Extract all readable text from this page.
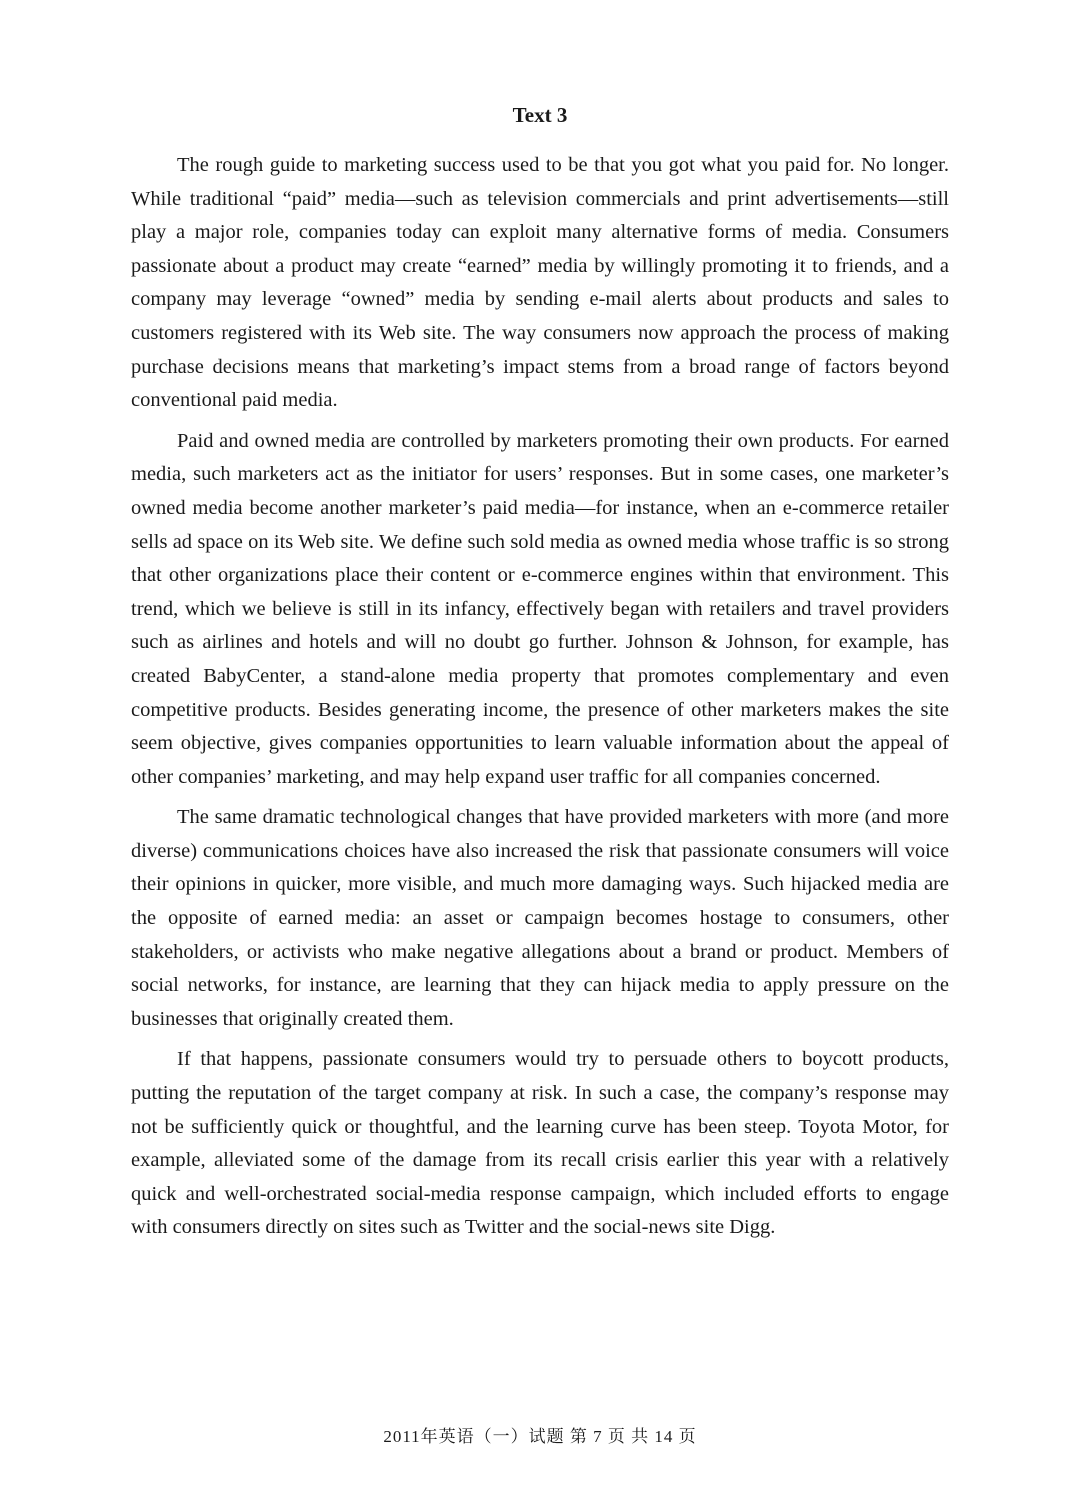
Text 3

The rough guide to marketing success used to be that you got what you paid for. No longer. While traditional “paid” media—such as television commercials and print advertisements—still play a major role, companies today can exploit many alternative forms of media. Consumers passionate about a product may create “earned” media by willingly promoting it to friends, and a company may leverage “owned” media by sending e-mail alerts about products and sales to customers registered with its Web site. The way consumers now approach the process of making purchase decisions means that marketing’s impact stems from a broad range of factors beyond conventional paid media.

Paid and owned media are controlled by marketers promoting their own products. For earned media, such marketers act as the initiator for users’ responses. But in some cases, one marketer’s owned media become another marketer’s paid media—for instance, when an e-commerce retailer sells ad space on its Web site. We define such sold media as owned media whose traffic is so strong that other organizations place their content or e-commerce engines within that environment. This trend, which we believe is still in its infancy, effectively began with retailers and travel providers such as airlines and hotels and will no doubt go further. Johnson & Johnson, for example, has created BabyCenter, a stand-alone media property that promotes complementary and even competitive products. Besides generating income, the presence of other marketers makes the site seem objective, gives companies opportunities to learn valuable information about the appeal of other companies’ marketing, and may help expand user traffic for all companies concerned.

The same dramatic technological changes that have provided marketers with more (and more diverse) communications choices have also increased the risk that passionate consumers will voice their opinions in quicker, more visible, and much more damaging ways. Such hijacked media are the opposite of earned media: an asset or campaign becomes hostage to consumers, other stakeholders, or activists who make negative allegations about a brand or product. Members of social networks, for instance, are learning that they can hijack media to apply pressure on the businesses that originally created them.

If that happens, passionate consumers would try to persuade others to boycott products, putting the reputation of the target company at risk. In such a case, the company’s response may not be sufficiently quick or thoughtful, and the learning curve has been steep. Toyota Motor, for example, alleviated some of the damage from its recall crisis earlier this year with a relatively quick and well-orchestrated social-media response campaign, which included efforts to engage with consumers directly on sites such as Twitter and the social-news site Digg.

2011年英语（一）试题 第 7 页 共 14 页
